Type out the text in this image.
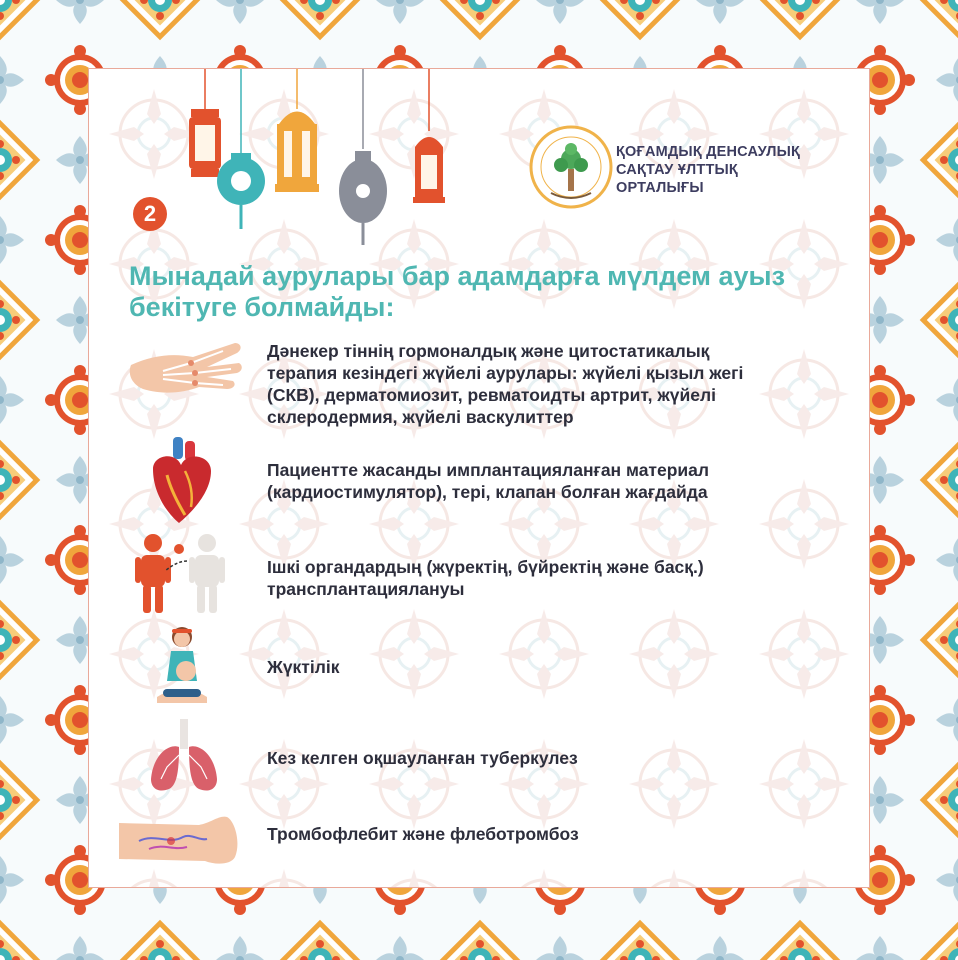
2
ҚОҒАМДЫҚ ДЕНСАУЛЫҚ
САҚТАУ ҰЛТТЫҚ
ОРТАЛЫҒЫ
Мынадай аурулары бар адамдарға мүлдем ауыз
бекітуге болмайды:
Дәнекер тіннің гормоналдық және цитостатикалық
терапия кезіндегі жүйелі аурулары: жүйелі қызыл жегі
(СКВ), дерматомиозит, ревматоидты артрит, жүйелі
склеродермия, жүйелі васкулиттер
Пациентте жасанды имплантацияланған материал
(кардиостимулятор), тері, клапан болған жағдайда
Ішкі органдардың (жүректің, бүйректің және басқ.)
трансплантациялануы
Жүктілік
Кез келген оқшауланған туберкулез
Тромбофлебит және флеботромбоз
